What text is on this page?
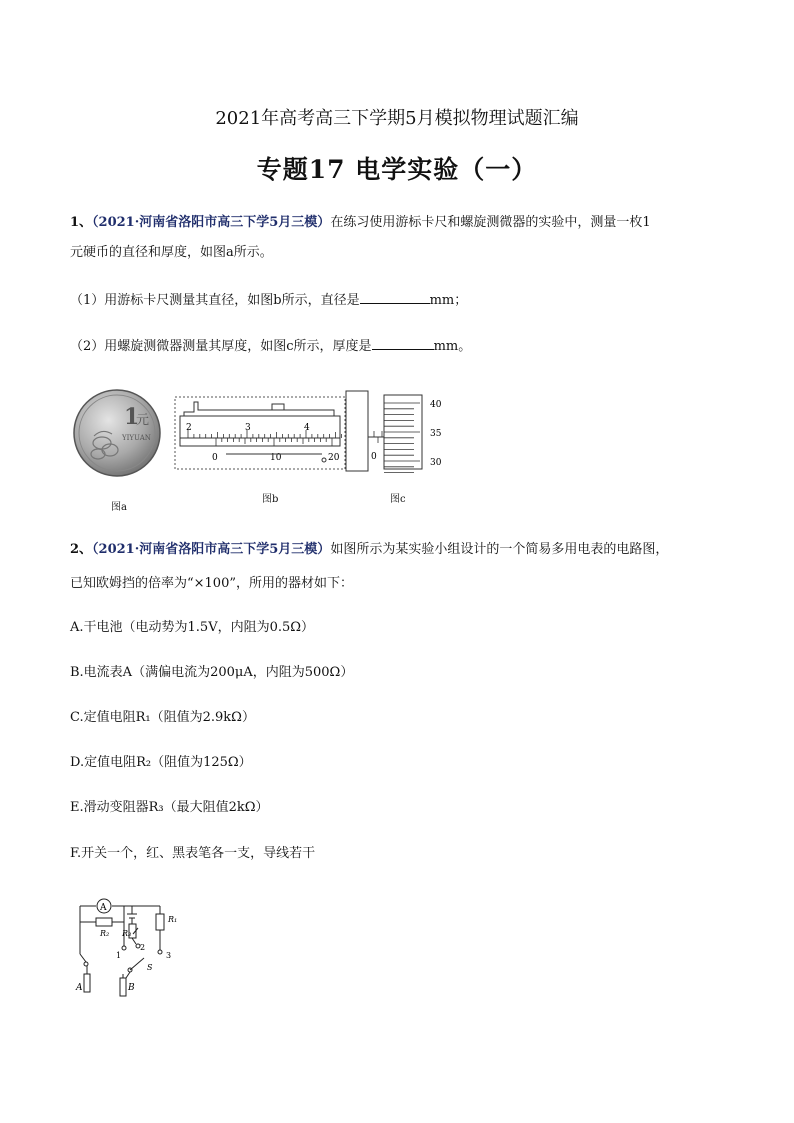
2021年高考高三下学期5月模拟物理试题汇编
专题17 电学实验（一）
1、（2021·河南省洛阳市高三下学5月三模）在练习使用游标卡尺和螺旋测微器的实验中，测量一枚1
元硬币的直径和厚度，如图a所示。
（1）用游标卡尺测量其直径，如图b所示，直径是	mm；
（2）用螺旋测微器测量其厚度，如图c所示，厚度是	mm。
1
元
YIYUAN
图a
2	3	4
0	10	20
图b
0
40
35
30
图c
2、（2021·河南省洛阳市高三下学5月三模）如图所示为某实验小组设计的一个简易多用电表的电路图，
已知欧姆挡的倍率为“×100”，所用的器材如下：
A.干电池（电动势为1.5V，内阻为0.5Ω）
B.电流表A（满偏电流为200μA，内阻为500Ω）
C.定值电阻R₁（阻值为2.9kΩ）
D.定值电阻R₂（阻值为125Ω）
E.滑动变阻器R₃（最大阻值2kΩ）
F.开关一个，红、黑表笔各一支，导线若干
A
R₂ R₃
R₁
1
2
3
S
A	B
